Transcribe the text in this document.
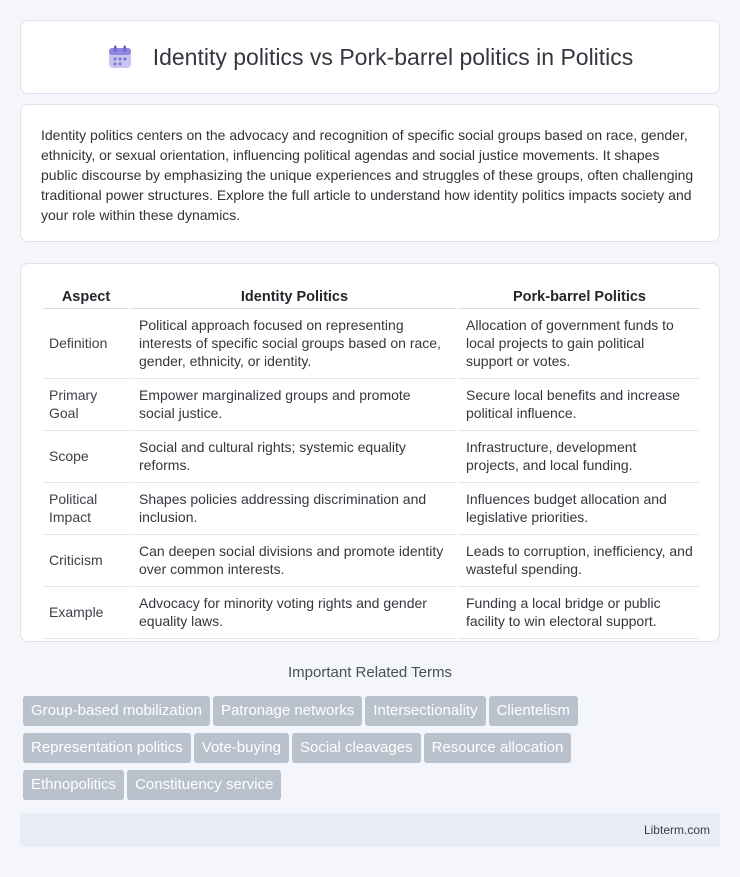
Identity politics vs Pork-barrel politics in Politics

Identity politics centers on the advocacy and recognition of specific social groups based on race, gender, ethnicity, or sexual orientation, influencing political agendas and social justice movements. It shapes public discourse by emphasizing the unique experiences and struggles of these groups, often challenging traditional power structures. Explore the full article to understand how identity politics impacts society and your role within these dynamics.

Aspect	Identity Politics	Pork-barrel Politics
Definition	Political approach focused on representing interests of specific social groups based on race, gender, ethnicity, or identity.	Allocation of government funds to local projects to gain political support or votes.
Primary Goal	Empower marginalized groups and promote social justice.	Secure local benefits and increase political influence.
Scope	Social and cultural rights; systemic equality reforms.	Infrastructure, development projects, and local funding.
Political Impact	Shapes policies addressing discrimination and inclusion.	Influences budget allocation and legislative priorities.
Criticism	Can deepen social divisions and promote identity over common interests.	Leads to corruption, inefficiency, and wasteful spending.
Example	Advocacy for minority voting rights and gender equality laws.	Funding a local bridge or public facility to win electoral support.
Important Related Terms
Group-based mobilization Patronage networks Intersectionality Clientelism
Representation politics Vote-buying Social cleavages Resource allocation
Ethnopolitics Constituency service
Libterm.com
